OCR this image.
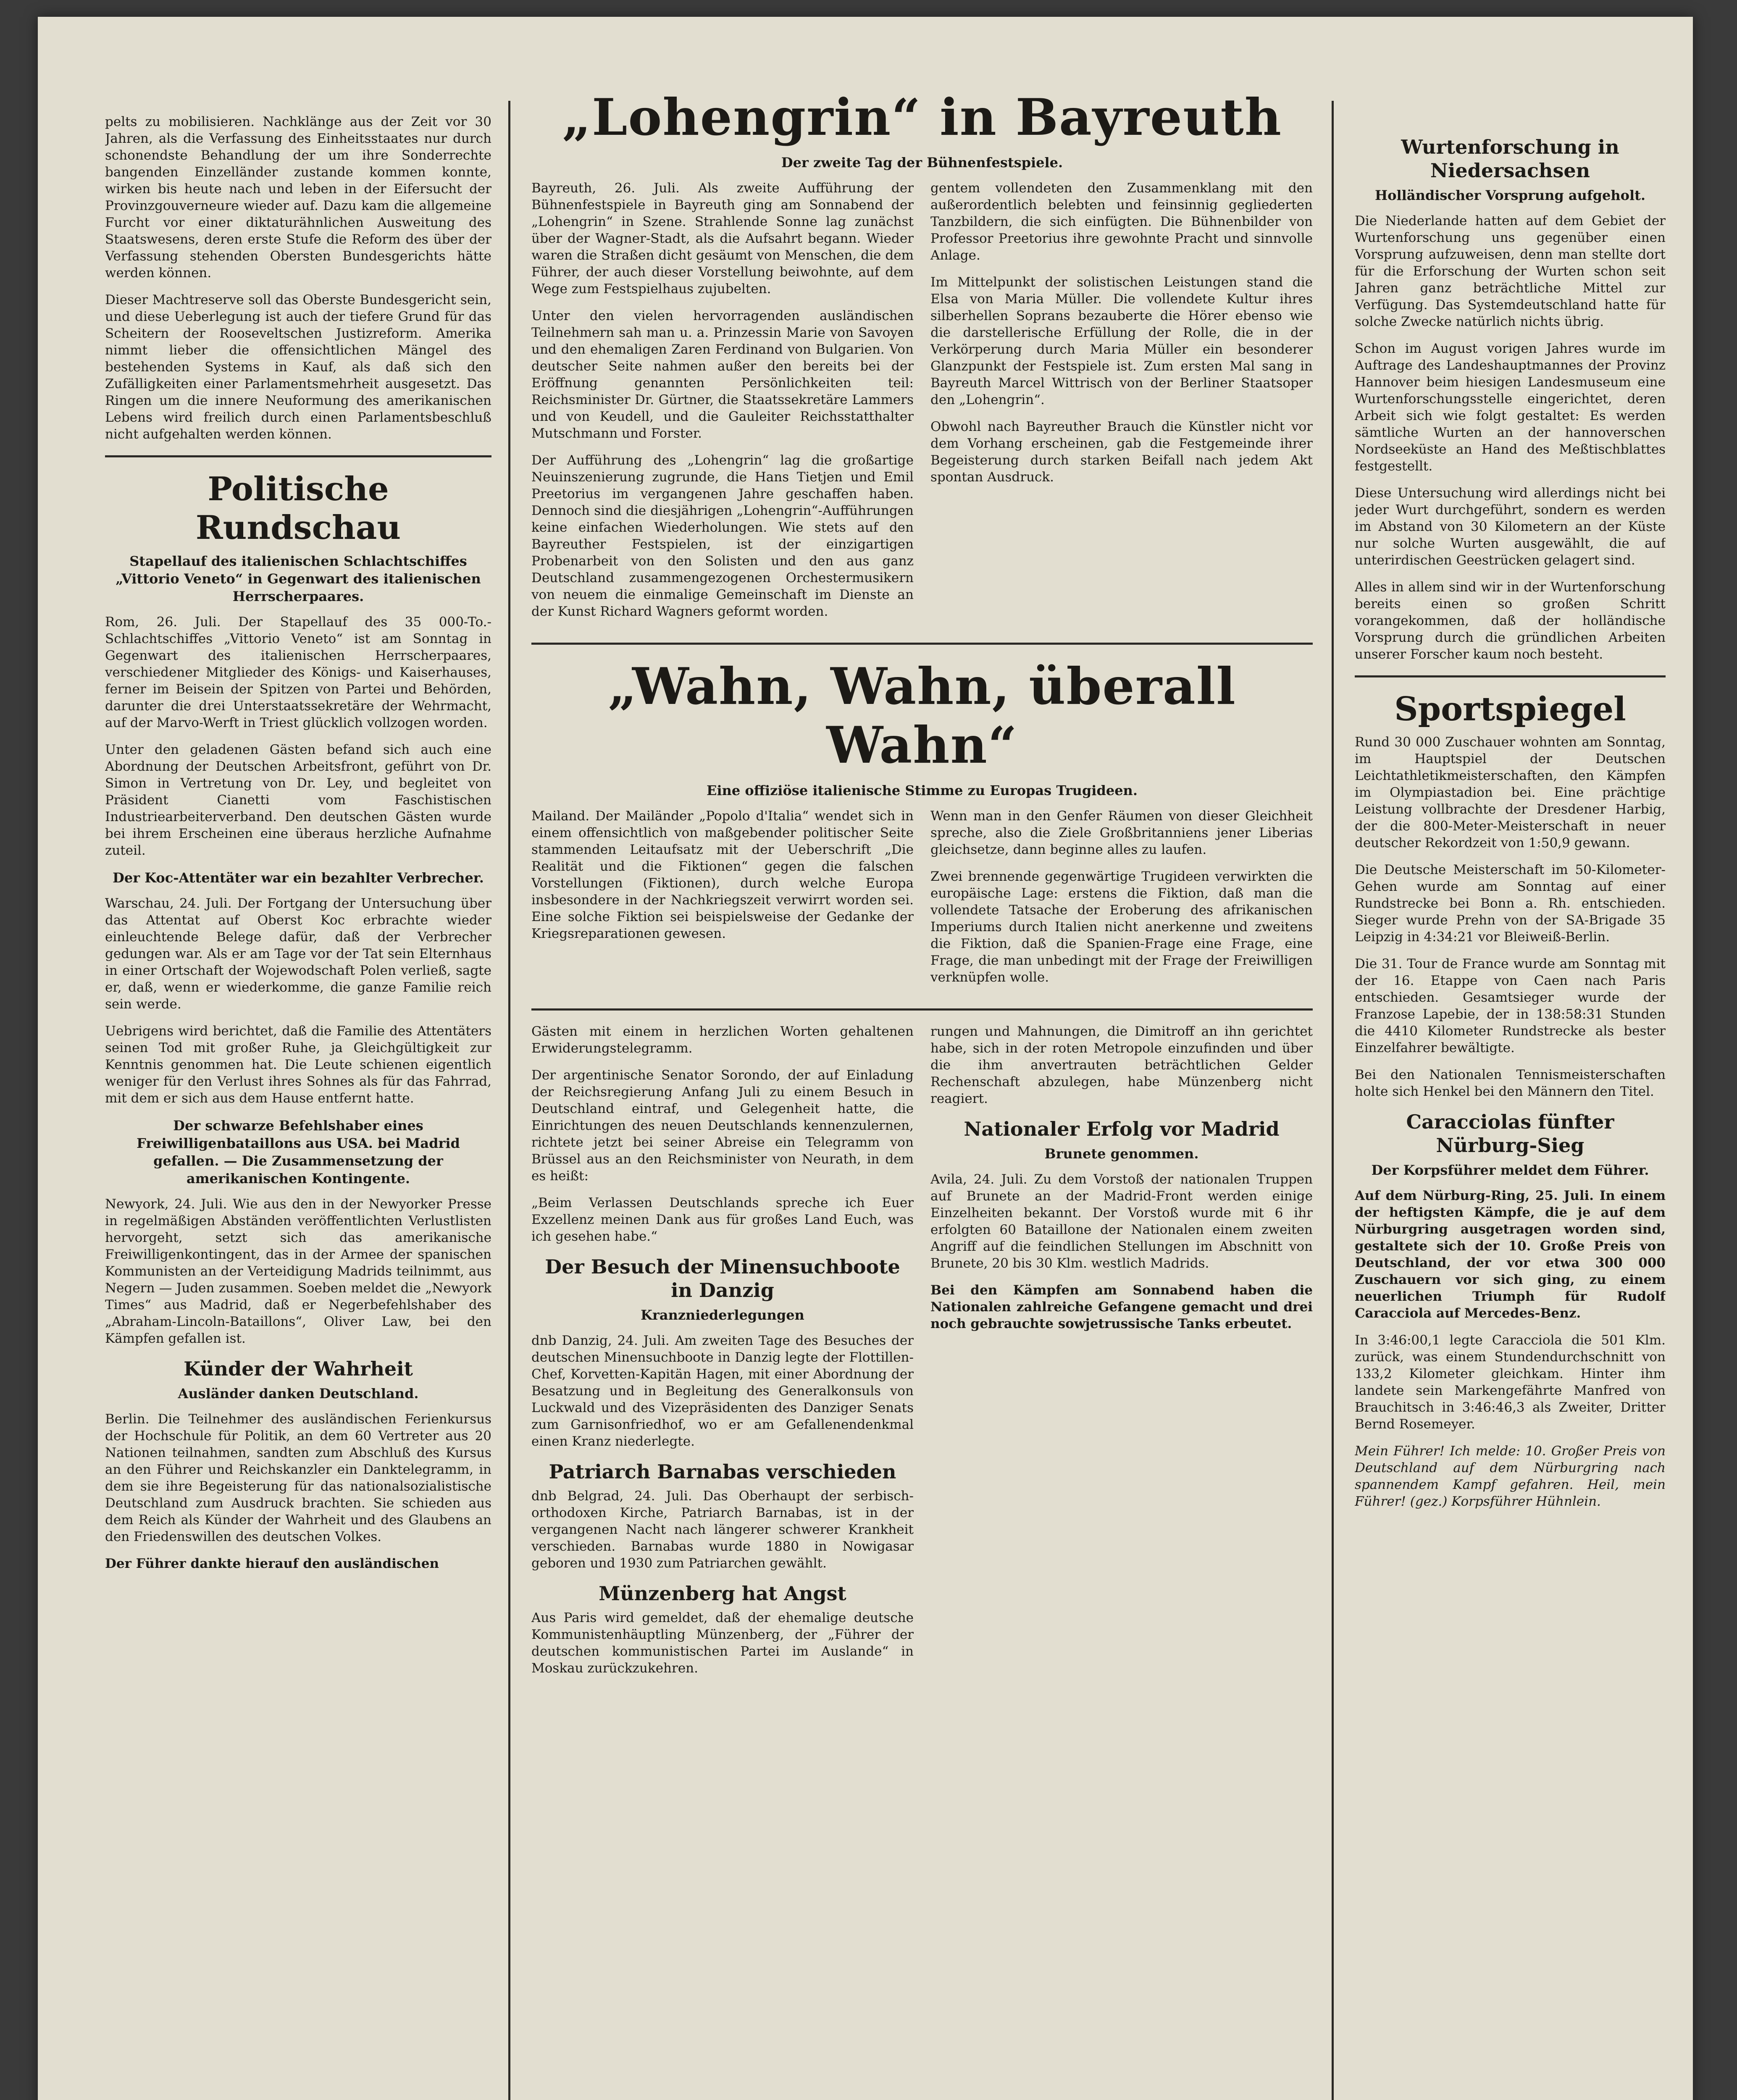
pelts zu mobilisieren. Nachklänge aus der Zeit vor 30 Jahren, als die Verfassung des Einheitsstaates nur durch schonendste Behandlung der um ihre Sonderrechte bangenden Einzelländer zustande kommen konnte, wirken bis heute nach und leben in der Eifersucht der Provinzgouverneure wieder auf. Dazu kam die allgemeine Furcht vor einer diktaturähnlichen Ausweitung des Staatswesens, deren erste Stufe die Reform des über der Verfassung stehenden Obersten Bundesgerichts hätte werden können.

Dieser Machtreserve soll das Oberste Bundesgericht sein, und diese Ueberlegung ist auch der tiefere Grund für das Scheitern der Rooseveltschen Justizreform. Amerika nimmt lieber die offensichtlichen Mängel des bestehenden Systems in Kauf, als daß sich den Zufälligkeiten einer Parlamentsmehrheit ausgesetzt. Das Ringen um die innere Neuformung des amerikanischen Lebens wird freilich durch einen Parlamentsbeschluß nicht aufgehalten werden können.

Politische Rundschau
Stapellauf des italienischen Schlachtschiffes „Vittorio Veneto“ in Gegenwart des italienischen Herrscherpaares.

Rom, 26. Juli. Der Stapellauf des 35 000-To.-Schlachtschiffes „Vittorio Veneto“ ist am Sonntag in Gegenwart des italienischen Herrscherpaares, verschiedener Mitglieder des Königs- und Kaiserhauses, ferner im Beisein der Spitzen von Partei und Behörden, darunter die drei Unterstaatssekretäre der Wehrmacht, auf der Marvo-Werft in Triest glücklich vollzogen worden.

Unter den geladenen Gästen befand sich auch eine Abordnung der Deutschen Arbeitsfront, geführt von Dr. Simon in Vertretung von Dr. Ley, und begleitet von Präsident Cianetti vom Faschistischen Industriearbeiterverband. Den deutschen Gästen wurde bei ihrem Erscheinen eine überaus herzliche Aufnahme zuteil.

Der Koc-Attentäter war ein bezahlter Verbrecher.

Warschau, 24. Juli. Der Fortgang der Untersuchung über das Attentat auf Oberst Koc erbrachte wieder einleuchtende Belege dafür, daß der Verbrecher gedungen war. Als er am Tage vor der Tat sein Elternhaus in einer Ortschaft der Wojewodschaft Polen verließ, sagte er, daß, wenn er wiederkomme, die ganze Familie reich sein werde.

Uebrigens wird berichtet, daß die Familie des Attentäters seinen Tod mit großer Ruhe, ja Gleichgültigkeit zur Kenntnis genommen hat. Die Leute schienen eigentlich weniger für den Verlust ihres Sohnes als für das Fahrrad, mit dem er sich aus dem Hause entfernt hatte.

Der schwarze Befehlshaber eines Freiwilligenbataillons aus USA. bei Madrid gefallen. — Die Zusammensetzung der amerikanischen Kontingente.

Newyork, 24. Juli. Wie aus den in der Newyorker Presse in regelmäßigen Abständen veröffentlichten Verlustlisten hervorgeht, setzt sich das amerikanische Freiwilligenkontingent, das in der Armee der spanischen Kommunisten an der Verteidigung Madrids teilnimmt, aus Negern — Juden zusammen. Soeben meldet die „Newyork Times“ aus Madrid, daß er Negerbefehlshaber des „Abraham-Lincoln-Bataillons“, Oliver Law, bei den Kämpfen gefallen ist.

Künder der Wahrheit
Ausländer danken Deutschland.

Berlin. Die Teilnehmer des ausländischen Ferienkursus der Hochschule für Politik, an dem 60 Vertreter aus 20 Nationen teilnahmen, sandten zum Abschluß des Kursus an den Führer und Reichskanzler ein Danktelegramm, in dem sie ihre Begeisterung für das nationalsozialistische Deutschland zum Ausdruck brachten. Sie schieden aus dem Reich als Künder der Wahrheit und des Glaubens an den Friedenswillen des deutschen Volkes.

Der Führer dankte hierauf den ausländischen

„Lohengrin“ in Bayreuth
Der zweite Tag der Bühnenfestspiele.

Bayreuth, 26. Juli. Als zweite Aufführung der Bühnenfestspiele in Bayreuth ging am Sonnabend der „Lohengrin“ in Szene. Strahlende Sonne lag zunächst über der Wagner-Stadt, als die Aufsahrt begann. Wieder waren die Straßen dicht gesäumt von Menschen, die dem Führer, der auch dieser Vorstellung beiwohnte, auf dem Wege zum Festspielhaus zujubelten.

Unter den vielen hervorragenden ausländischen Teilnehmern sah man u. a. Prinzessin Marie von Savoyen und den ehemaligen Zaren Ferdinand von Bulgarien. Von deutscher Seite nahmen außer den bereits bei der Eröffnung genannten Persönlichkeiten teil: Reichsminister Dr. Gürtner, die Staatssekretäre Lammers und von Keudell, und die Gauleiter Reichsstatthalter Mutschmann und Forster.

Der Aufführung des „Lohengrin“ lag die großartige Neuinszenierung zugrunde, die Hans Tietjen und Emil Preetorius im vergangenen Jahre geschaffen haben. Dennoch sind die diesjährigen „Lohengrin“-Aufführungen keine einfachen Wiederholungen. Wie stets auf den Bayreuther Festspielen, ist der einzigartigen Probenarbeit von den Solisten und den aus ganz Deutschland zusammengezogenen Orchestermusikern von neuem die einmalige Gemeinschaft im Dienste an der Kunst Richard Wagners geformt worden.

gentem vollendeten den Zusammenklang mit den außerordentlich belebten und feinsinnig gegliederten Tanzbildern, die sich einfügten. Die Bühnenbilder von Professor Preetorius ihre gewohnte Pracht und sinnvolle Anlage.

Im Mittelpunkt der solistischen Leistungen stand die Elsa von Maria Müller. Die vollendete Kultur ihres silberhellen Soprans bezauberte die Hörer ebenso wie die darstellerische Erfüllung der Rolle, die in der Verkörperung durch Maria Müller ein besonderer Glanzpunkt der Festspiele ist. Zum ersten Mal sang in Bayreuth Marcel Wittrisch von der Berliner Staatsoper den „Lohengrin“.

Obwohl nach Bayreuther Brauch die Künstler nicht vor dem Vorhang erscheinen, gab die Festgemeinde ihrer Begeisterung durch starken Beifall nach jedem Akt spontan Ausdruck.

„Wahn, Wahn, überall Wahn“
Eine offiziöse italienische Stimme zu Europas Trugideen.

Mailand. Der Mailänder „Popolo d'Italia“ wendet sich in einem offensichtlich von maßgebender politischer Seite stammenden Leitaufsatz mit der Ueberschrift „Die Realität und die Fiktionen“ gegen die falschen Vorstellungen (Fiktionen), durch welche Europa insbesondere in der Nachkriegszeit verwirrt worden sei. Eine solche Fiktion sei beispielsweise der Gedanke der Kriegsreparationen gewesen.

Wenn man in den Genfer Räumen von dieser Gleichheit spreche, also die Ziele Großbritanniens jener Liberias gleichsetze, dann beginne alles zu laufen.

Zwei brennende gegenwärtige Trugideen verwirkten die europäische Lage: erstens die Fiktion, daß man die vollendete Tatsache der Eroberung des afrikanischen Imperiums durch Italien nicht anerkenne und zweitens die Fiktion, daß die Spanien-Frage eine Frage, eine Frage, die man unbedingt mit der Frage der Freiwilligen verknüpfen wolle.

Gästen mit einem in herzlichen Worten gehaltenen Erwiderungstelegramm.

Der argentinische Senator Sorondo, der auf Einladung der Reichsregierung Anfang Juli zu einem Besuch in Deutschland eintraf, und Gelegenheit hatte, die Einrichtungen des neuen Deutschlands kennenzulernen, richtete jetzt bei seiner Abreise ein Telegramm von Brüssel aus an den Reichsminister von Neurath, in dem es heißt:

„Beim Verlassen Deutschlands spreche ich Euer Exzellenz meinen Dank aus für großes Land Euch, was ich gesehen habe.“

Der Besuch der Minensuchboote in Danzig
Kranzniederlegungen

dnb Danzig, 24. Juli. Am zweiten Tage des Besuches der deutschen Minensuchboote in Danzig legte der Flottillen-Chef, Korvetten-Kapitän Hagen, mit einer Abordnung der Besatzung und in Begleitung des Generalkonsuls von Luckwald und des Vizepräsidenten des Danziger Senats zum Garnisonfriedhof, wo er am Gefallenendenkmal einen Kranz niederlegte.

Patriarch Barnabas verschieden

dnb Belgrad, 24. Juli. Das Oberhaupt der serbisch-orthodoxen Kirche, Patriarch Barnabas, ist in der vergangenen Nacht nach längerer schwerer Krankheit verschieden. Barnabas wurde 1880 in Nowigasar geboren und 1930 zum Patriarchen gewählt.

Münzenberg hat Angst

Aus Paris wird gemeldet, daß der ehemalige deutsche Kommunistenhäuptling Münzenberg, der „Führer der deutschen kommunistischen Partei im Auslande“ in Moskau zurückzukehren.

rungen und Mahnungen, die Dimitroff an ihn gerichtet habe, sich in der roten Metropole einzufinden und über die ihm anvertrauten beträchtlichen Gelder Rechenschaft abzulegen, habe Münzenberg nicht reagiert.

Nationaler Erfolg vor Madrid
Brunete genommen.

Avila, 24. Juli. Zu dem Vorstoß der nationalen Truppen auf Brunete an der Madrid-Front werden einige Einzelheiten bekannt. Der Vorstoß wurde mit 6 ihr erfolgten 60 Bataillone der Nationalen einem zweiten Angriff auf die feindlichen Stellungen im Abschnitt von Brunete, 20 bis 30 Klm. westlich Madrids.

Bei den Kämpfen am Sonnabend haben die Nationalen zahlreiche Gefangene gemacht und drei noch gebrauchte sowjetrussische Tanks erbeutet.

Wurtenforschung in Niedersachsen
Holländischer Vorsprung aufgeholt.

Die Niederlande hatten auf dem Gebiet der Wurtenforschung uns gegenüber einen Vorsprung aufzuweisen, denn man stellte dort für die Erforschung der Wurten schon seit Jahren ganz beträchtliche Mittel zur Verfügung. Das Systemdeutschland hatte für solche Zwecke natürlich nichts übrig.

Schon im August vorigen Jahres wurde im Auftrage des Landeshauptmannes der Provinz Hannover beim hiesigen Landesmuseum eine Wurtenforschungsstelle eingerichtet, deren Arbeit sich wie folgt gestaltet: Es werden sämtliche Wurten an der hannoverschen Nordseeküste an Hand des Meßtischblattes festgestellt.

Diese Untersuchung wird allerdings nicht bei jeder Wurt durchgeführt, sondern es werden im Abstand von 30 Kilometern an der Küste nur solche Wurten ausgewählt, die auf unterirdischen Geestrücken gelagert sind.

Alles in allem sind wir in der Wurtenforschung bereits einen so großen Schritt vorangekommen, daß der holländische Vorsprung durch die gründlichen Arbeiten unserer Forscher kaum noch besteht.

Sportspiegel

Rund 30 000 Zuschauer wohnten am Sonntag, im Hauptspiel der Deutschen Leichtathletikmeisterschaften, den Kämpfen im Olympiastadion bei. Eine prächtige Leistung vollbrachte der Dresdener Harbig, der die 800-Meter-Meisterschaft in neuer deutscher Rekordzeit von 1:50,9 gewann.

Die Deutsche Meisterschaft im 50-Kilometer-Gehen wurde am Sonntag auf einer Rundstrecke bei Bonn a. Rh. entschieden. Sieger wurde Prehn von der SA-Brigade 35 Leipzig in 4:34:21 vor Bleiweiß-Berlin.

Die 31. Tour de France wurde am Sonntag mit der 16. Etappe von Caen nach Paris entschieden. Gesamtsieger wurde der Franzose Lapebie, der in 138:58:31 Stunden die 4410 Kilometer Rundstrecke als bester Einzelfahrer bewältigte.

Bei den Nationalen Tennismeisterschaften holte sich Henkel bei den Männern den Titel.

Caracciolas fünfter Nürburg-Sieg
Der Korpsführer meldet dem Führer.

Auf dem Nürburg-Ring, 25. Juli. In einem der heftigsten Kämpfe, die je auf dem Nürburgring ausgetragen worden sind, gestaltete sich der 10. Große Preis von Deutschland, der vor etwa 300 000 Zuschauern vor sich ging, zu einem neuerlichen Triumph für Rudolf Caracciola auf Mercedes-Benz.

In 3:46:00,1 legte Caracciola die 501 Klm. zurück, was einem Stundendurchschnitt von 133,2 Kilometer gleichkam. Hinter ihm landete sein Markengefährte Manfred von Brauchitsch in 3:46:46,3 als Zweiter, Dritter Bernd Rosemeyer.

Mein Führer! Ich melde: 10. Großer Preis von Deutschland auf dem Nürburgring nach spannendem Kampf gefahren. Heil, mein Führer! (gez.) Korpsführer Hühnlein.
